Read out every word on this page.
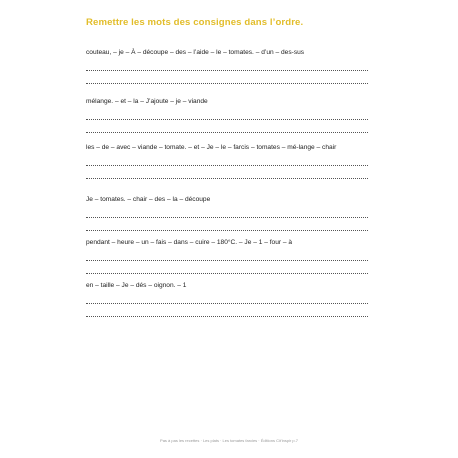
Remettre les mots des consignes dans l’ordre.
couteau, – je – À – découpe – des – l’aide – le – tomates. – d’un – des-sus
mélange. – et – la – J’ajoute – je – viande
les – de – avec – viande – tomate. – et – Je – le – farcis – tomates – mé-lange – chair
Je – tomates. – chair – des – la – découpe
pendant – heure – un – fais – dans – cuire – 180°C. – Je – 1 – four – à
en – taille – Je – dés – oignon. – 1
Pas à pas les recettes · Les plats · Les tomates farcies · Éditions Cit'inspir p.7
